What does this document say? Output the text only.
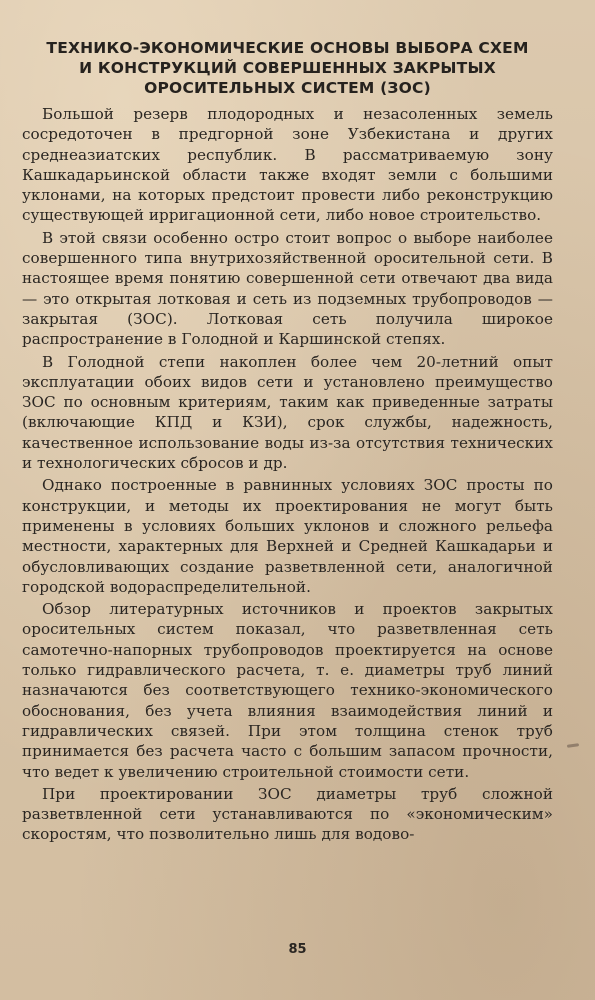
ТЕХНИКО-ЭКОНОМИЧЕСКИЕ ОСНОВЫ ВЫБОРА СХЕМ
И КОНСТРУКЦИЙ СОВЕРШЕННЫХ ЗАКРЫТЫХ
ОРОСИТЕЛЬНЫХ СИСТЕМ (ЗОС)

Большой резерв плодородных и незасоленных земель сосредоточен в предгорной зоне Узбекистана и других среднеазиатских республик. В рассматриваемую зону Кашкадарьинской области также входят земли с большими уклонами, на которых предстоит провести либо реконструкцию существующей ирригационной сети, либо новое строительство.

В этой связи особенно остро стоит вопрос о выборе наиболее совершенного типа внутрихозяйственной оросительной сети. В настоящее время понятию совершенной сети отвечают два вида — это открытая лотковая и сеть из подземных трубопроводов — закрытая (ЗОС). Лотковая сеть получила широкое распространение в Голодной и Каршинской степях.

В Голодной степи накоплен более чем 20-летний опыт эксплуатации обоих видов сети и установлено преимущество ЗОС по основным критериям, таким как приведенные затраты (включающие КПД и КЗИ), срок службы, надежность, качественное использование воды из-за отсутствия технических и технологических сбросов и др.

Однако построенные в равнинных условиях ЗОС просты по конструкции, и методы их проектирования не могут быть применены в условиях больших уклонов и сложного рельефа местности, характерных для Верхней и Средней Кашкадарьи и обусловливающих создание разветвленной сети, аналогичной городской водораспределительной.

Обзор литературных источников и проектов закрытых оросительных систем показал, что разветвленная сеть самотечно-напорных трубопроводов проектируется на основе только гидравлического расчета, т. е. диаметры труб линий назначаются без соответствующего технико-экономического обоснования, без учета влияния взаимодействия линий и гидравлических связей. При этом толщина стенок труб принимается без расчета часто с большим запасом прочности, что ведет к увеличению строительной стоимости сети.

При проектировании ЗОС диаметры труб сложной разветвленной сети устанавливаются по «экономическим» скоростям, что позволительно лишь для водово-

85
